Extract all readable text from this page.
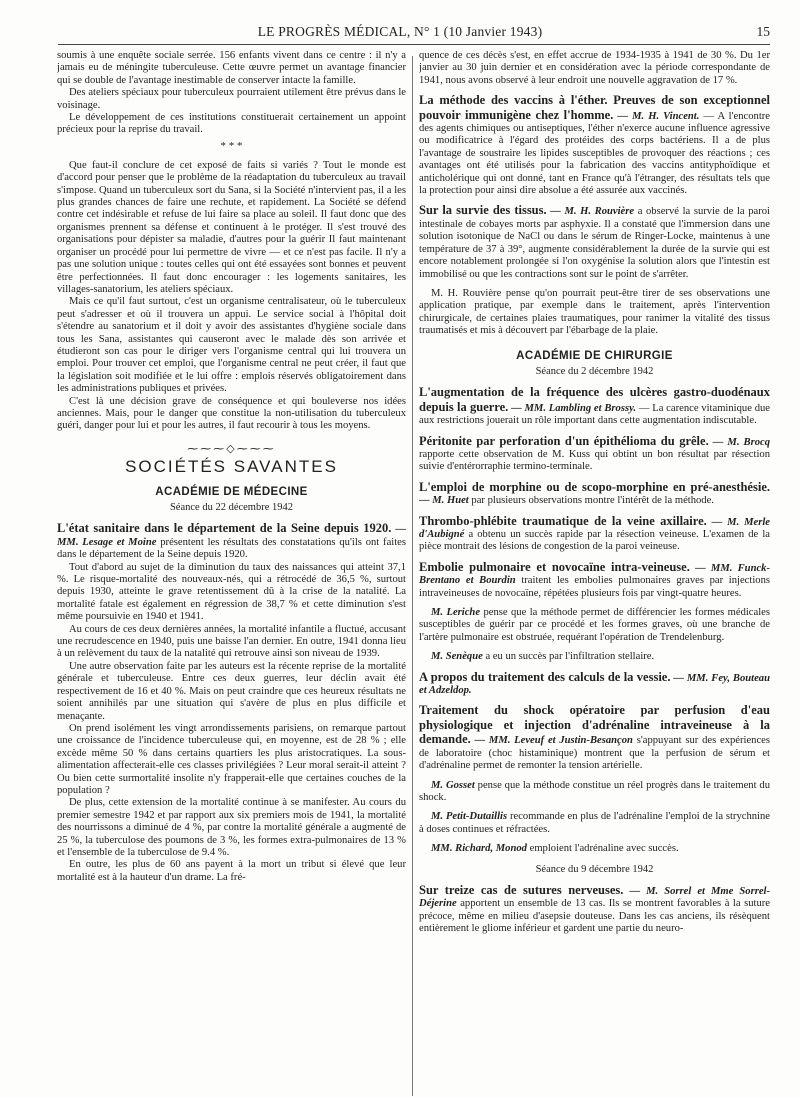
LE PROGRÈS MÉDICAL, N° 1 (10 Janvier 1943)	15

soumis à une enquête sociale serrée. 156 enfants vivent dans ce centre : il n'y a jamais eu de méningite tuberculeuse. Cette œuvre permet un avantage financier qui se double de l'avantage inestimable de conserver intacte la famille.

Des ateliers spéciaux pour tuberculeux pourraient utilement être prévus dans le voisinage.

Le développement de ces institutions constituerait certainement un appoint précieux pour la reprise du travail.

* * *

Que faut-il conclure de cet exposé de faits si variés ? Tout le monde est d'accord pour penser que le problème de la réadaptation du tuberculeux au travail s'impose. Quand un tuberculeux sort du Sana, si la Société n'intervient pas, il a les plus grandes chances de faire une rechute, et rapidement. La Société se défend contre cet indésirable et refuse de lui faire sa place au soleil. Il faut donc que des organismes prennent sa défense et continuent à le protéger. Il s'est trouvé des organisations pour dépister sa maladie, d'autres pour la guérir Il faut maintenant organiser un procédé pour lui permettre de vivre — et ce n'est pas facile. Il n'y a pas une solution unique : toutes celles qui ont été essayées sont bonnes et peuvent être perfectionnées. Il faut donc encourager : les logements sanitaires, les villages-sanatorium, les ateliers spéciaux.

Mais ce qu'il faut surtout, c'est un organisme centralisateur, où le tuberculeux peut s'adresser et où il trouvera un appui. Le service social à l'hôpital doit s'étendre au sanatorium et il doit y avoir des assistantes d'hygiène sociale dans tous les Sana, assistantes qui causeront avec le malade dès son arrivée et étudieront son cas pour le diriger vers l'organisme central qui lui trouvera un emploi. Pour trouver cet emploi, que l'organisme central ne peut créer, il faut que la législation soit modifiée et le lui offre : emplois réservés obligatoirement dans les administrations publiques et privées.

C'est là une décision grave de conséquence et qui bouleverse nos idées anciennes. Mais, pour le danger que constitue la non-utilisation du tuberculeux guéri, danger pour lui et pour les autres, il faut recourir à tous les moyens.

⁓⁓⁓◇⁓⁓⁓
SOCIÉTÉS SAVANTES
ACADÉMIE DE MÉDECINE
Séance du 22 décembre 1942

L'état sanitaire dans le département de la Seine depuis 1920. — MM. Lesage et Moine présentent les résultats des constatations qu'ils ont faites dans le département de la Seine depuis 1920.

Tout d'abord au sujet de la diminution du taux des naissances qui atteint 37,1 %. Le risque-mortalité des nouveaux-nés, qui a rétrocédé de 36,5 %, surtout depuis 1930, atteinte le grave retentissement dû à la crise de la natalité. La mortalité fatale est également en régression de 38,7 % et cette diminution s'est même poursuivie en 1940 et 1941.

Au cours de ces deux dernières années, la mortalité infantile a fluctué, accusant une recrudescence en 1940, puis une baisse l'an dernier. En outre, 1941 donna lieu à un relèvement du taux de la natalité qui retrouve ainsi son niveau de 1939.

Une autre observation faite par les auteurs est la récente reprise de la mortalité générale et tuberculeuse. Entre ces deux guerres, leur déclin avait été respectivement de 16 et 40 %. Mais on peut craindre que ces heureux résultats ne soient annihilés par une situation qui s'avère de plus en plus difficile et menaçante.

On prend isolément les vingt arrondissements parisiens, on remarque partout une croissance de l'incidence tuberculeuse qui, en moyenne, est de 28 % ; elle excède même 50 % dans certains quartiers les plus aristocratiques. La sous-alimentation affecterait-elle ces classes privilégiées ? Leur moral serait-il atteint ? Ou bien cette surmortalité insolite n'y frapperait-elle que certaines couches de la population ?

De plus, cette extension de la mortalité continue à se manifester. Au cours du premier semestre 1942 et par rapport aux six premiers mois de 1941, la mortalité des nourrissons a diminué de 4 %, par contre la mortalité générale a augmenté de 25 %, la tuberculose des poumons de 3 %, les formes extra-pulmonaires de 13 % et l'ensemble de la tuberculose de 9.4 %.

En outre, les plus de 60 ans payent à la mort un tribut si élevé que leur mortalité est à la hauteur d'un drame. La fré-

quence de ces décès s'est, en effet accrue de 1934-1935 à 1941 de 30 %. Du 1er janvier au 30 juin dernier et en considération avec la période correspondante de 1941, nous avons observé à leur endroit une nouvelle aggravation de 17 %.

La méthode des vaccins à l'éther. Preuves de son exceptionnel pouvoir immunigène chez l'homme. — M. H. Vincent. — A l'encontre des agents chimiques ou antiseptiques, l'éther n'exerce aucune influence agressive ou modificatrice à l'égard des protéides des corps bactériens. Il a de plus l'avantage de soustraire les lipides susceptibles de provoquer des réactions ; ces avantages ont été utilisés pour la fabrication des vaccins antityphoïdique et anticholérique qui ont donné, tant en France qu'à l'étranger, des résultats tels que la protection pour ainsi dire absolue a été assurée aux vaccinés.

Sur la survie des tissus. — M. H. Rouvière a observé la survie de la paroi intestinale de cobayes morts par asphyxie. Il a constaté que l'immersion dans une solution isotonique de NaCl ou dans le sérum de Ringer-Locke, maintenus à une température de 37 à 39°, augmente considérablement la durée de la survie qui est encore notablement prolongée si l'on oxygénise la solution alors que l'intestin est immobilisé ou que les contractions sont sur le point de s'arrêter.

M. H. Rouvière pense qu'on pourrait peut-être tirer de ses observations une application pratique, par exemple dans le traitement, après l'intervention chirurgicale, de certaines plaies traumatiques, pour ranimer la vitalité des tissus traumatisés et mis à découvert par l'ébarbage de la plaie.

ACADÉMIE DE CHIRURGIE
Séance du 2 décembre 1942

L'augmentation de la fréquence des ulcères gastro-duodénaux depuis la guerre. — MM. Lambling et Brossy. — La carence vitaminique due aux restrictions jouerait un rôle important dans cette augmentation indiscutable.

Péritonite par perforation d'un épithélioma du grêle. — M. Brocq rapporte cette observation de M. Kuss qui obtint un bon résultat par résection suivie d'entérorraphie termino-terminale.

L'emploi de morphine ou de scopo-morphine en pré-anesthésie. — M. Huet par plusieurs observations montre l'intérêt de la méthode.

Thrombo-phlébite traumatique de la veine axillaire. — M. Merle d'Aubigné a obtenu un succès rapide par la résection veineuse. L'examen de la pièce montrait des lésions de congestion de la paroi veineuse.

Embolie pulmonaire et novocaïne intra-veineuse. — MM. Funck-Brentano et Bourdin traitent les embolies pulmonaires graves par injections intraveineuses de novocaïne, répétées plusieurs fois par vingt-quatre heures.

M. Leriche pense que la méthode permet de différencier les formes médicales susceptibles de guérir par ce procédé et les formes graves, où une branche de l'artère pulmonaire est obstruée, requérant l'opération de Trendelenburg.

M. Senèque a eu un succès par l'infiltration stellaire.

A propos du traitement des calculs de la vessie. — MM. Fey, Bouteau et Adzeldop.

Traitement du shock opératoire par perfusion d'eau physiologique et injection d'adrénaline intraveineuse à la demande. — MM. Leveuf et Justin-Besançon s'appuyant sur des expériences de laboratoire (choc histaminique) montrent que la perfusion de sérum et d'adrénaline permet de remonter la tension artérielle.

M. Gosset pense que la méthode constitue un réel progrès dans le traitement du shock.

M. Petit-Dutaillis recommande en plus de l'adrénaline l'emploi de la strychnine à doses continues et réfractées.

MM. Richard, Monod emploient l'adrénaline avec succès.

Séance du 9 décembre 1942

Sur treize cas de sutures nerveuses. — M. Sorrel et Mme Sorrel-Déjerine apportent un ensemble de 13 cas. Ils se montrent favorables à la suture précoce, même en milieu d'asepsie douteuse. Dans les cas anciens, ils résèquent entièrement le gliome inférieur et gardent une partie du neuro-
